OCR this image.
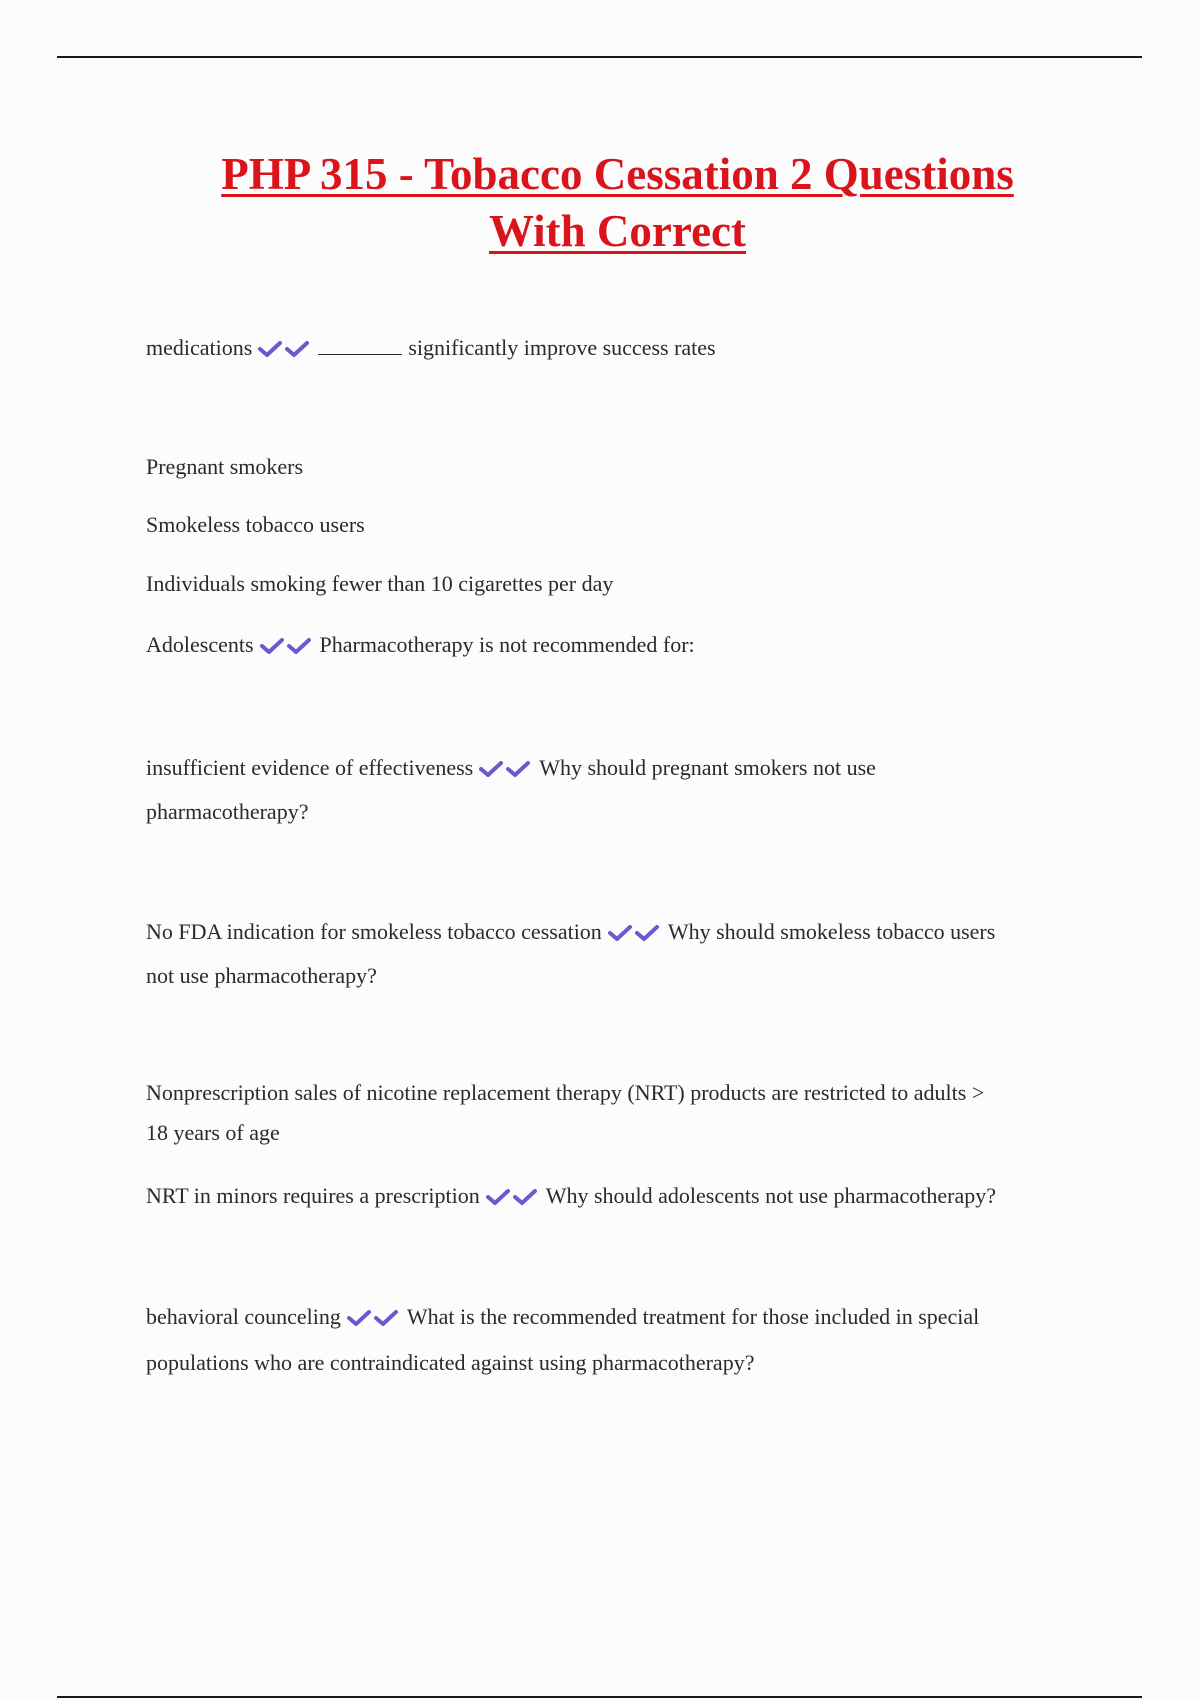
PHP 315 - Tobacco Cessation 2 Questions
With Correct
medications	significantly improve success rates
Pregnant smokers
Smokeless tobacco users
Individuals smoking fewer than 10 cigarettes per day
Adolescents	Pharmacotherapy is not recommended for:
insufficient evidence of effectiveness	Why should pregnant smokers not use
pharmacotherapy?
No FDA indication for smokeless tobacco cessation	Why should smokeless tobacco users
not use pharmacotherapy?
Nonprescription sales of nicotine replacement therapy (NRT) products are restricted to adults >
18 years of age
NRT in minors requires a prescription	Why should adolescents not use pharmacotherapy?
behavioral counceling	What is the recommended treatment for those included in special
populations who are contraindicated against using pharmacotherapy?
